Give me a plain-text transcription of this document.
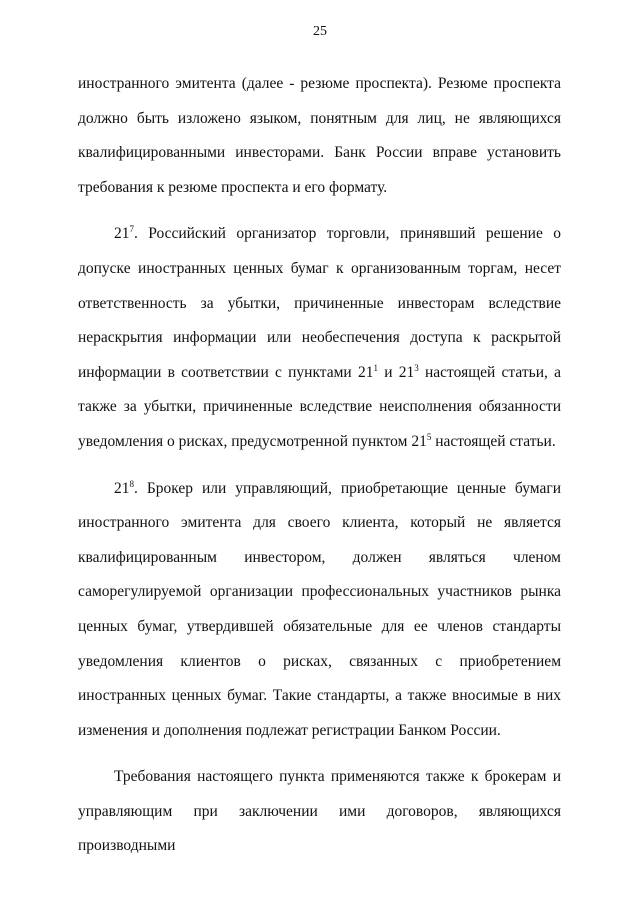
25

иностранного эмитента (далее - резюме проспекта). Резюме проспекта должно быть изложено языком, понятным для лиц, не являющихся квалифицированными инвесторами. Банк России вправе установить требования к резюме проспекта и его формату.

$21^7$. Российский организатор торговли, принявший решение о допуске иностранных ценных бумаг к организованным торгам, несет ответственность за убытки, причиненные инвесторам вследствие нераскрытия информации или необеспечения доступа к раскрытой информации в соответствии с пунктами $21^1$ и $21^3$ настоящей статьи, а также за убытки, причиненные вследствие неисполнения обязанности уведомления о рисках, предусмотренной пунктом $21^5$ настоящей статьи.

$21^8$. Брокер или управляющий, приобретающие ценные бумаги иностранного эмитента для своего клиента, который не является квалифицированным инвестором, должен являться членом саморегулируемой организации профессиональных участников рынка ценных бумаг, утвердившей обязательные для ее членов стандарты уведомления клиентов о рисках, связанных с приобретением иностранных ценных бумаг. Такие стандарты, а также вносимые в них изменения и дополнения подлежат регистрации Банком России.

Требования настоящего пункта применяются также к брокерам и управляющим при заключении ими договоров, являющихся производными
